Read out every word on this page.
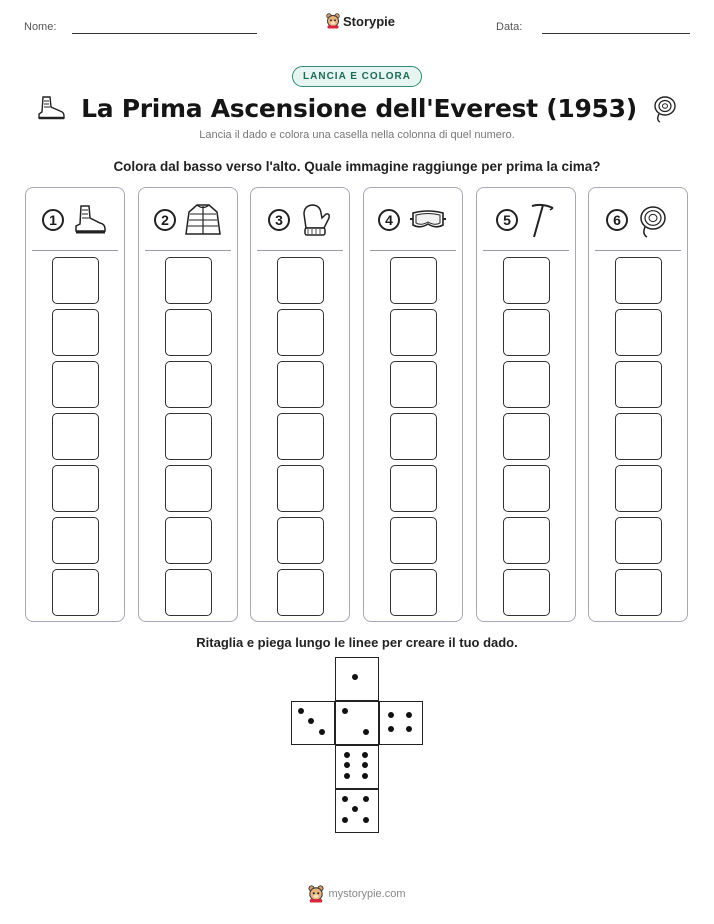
Nome:	Storypie	Data:
LANCIA E COLORA
La Prima Ascensione dell'Everest (1953)
Lancia il dado e colora una casella nella colonna di quel numero.
Colora dal basso verso l'alto. Quale immagine raggiunge per prima la cima?
1	2	3	4	5	6
Ritaglia e piega lungo le linee per creare il tuo dado.
mystorypie.com
